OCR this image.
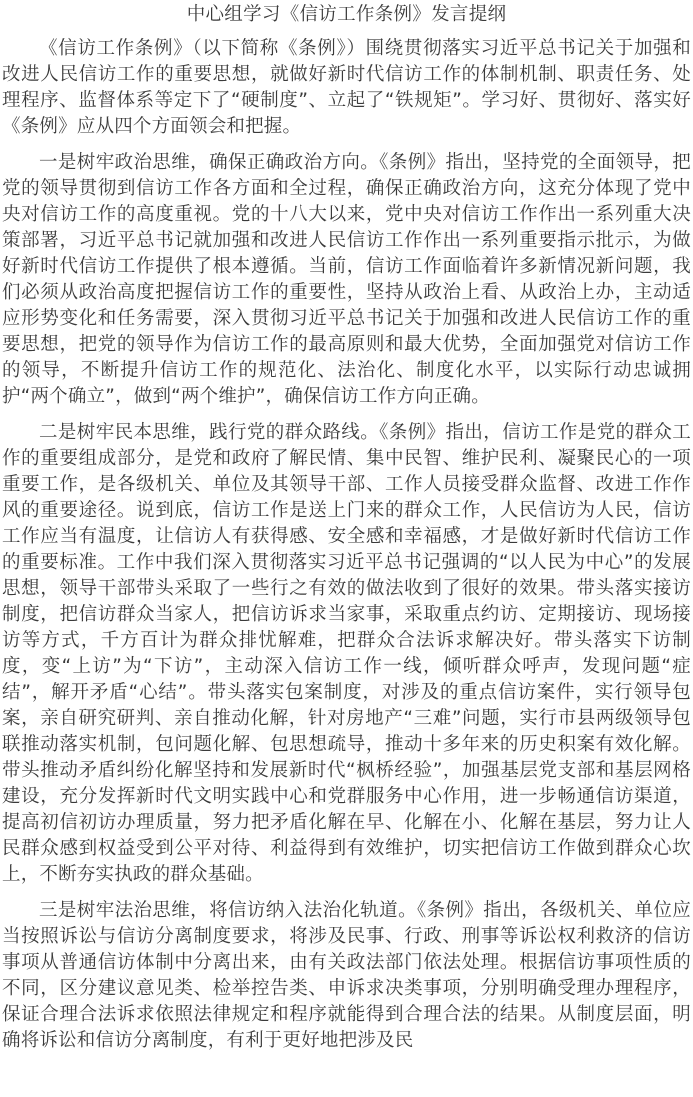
中心组学习《信访工作条例》发言提纲

《信访工作条例》（以下简称《条例》）围绕贯彻落实习近平总书记关于加强和改进人民信访工作的重要思想，就做好新时代信访工作的体制机制、职责任务、处理程序、监督体系等定下了“硬制度”、立起了“铁规矩”。学习好、贯彻好、落实好《条例》应从四个方面领会和把握。

一是树牢政治思维，确保正确政治方向。《条例》指出，坚持党的全面领导，把党的领导贯彻到信访工作各方面和全过程，确保正确政治方向，这充分体现了党中央对信访工作的高度重视。党的十八大以来，党中央对信访工作作出一系列重大决策部署，习近平总书记就加强和改进人民信访工作作出一系列重要指示批示，为做好新时代信访工作提供了根本遵循。当前，信访工作面临着许多新情况新问题，我们必须从政治高度把握信访工作的重要性，坚持从政治上看、从政治上办，主动适应形势变化和任务需要，深入贯彻习近平总书记关于加强和改进人民信访工作的重要思想，把党的领导作为信访工作的最高原则和最大优势，全面加强党对信访工作的领导，不断提升信访工作的规范化、法治化、制度化水平，以实际行动忠诚拥护“两个确立”，做到“两个维护”，确保信访工作方向正确。

二是树牢民本思维，践行党的群众路线。《条例》指出，信访工作是党的群众工作的重要组成部分，是党和政府了解民情、集中民智、维护民利、凝聚民心的一项重要工作，是各级机关、单位及其领导干部、工作人员接受群众监督、改进工作作风的重要途径。说到底，信访工作是送上门来的群众工作，人民信访为人民，信访工作应当有温度，让信访人有获得感、安全感和幸福感，才是做好新时代信访工作的重要标准。工作中我们深入贯彻落实习近平总书记强调的“以人民为中心”的发展思想，领导干部带头采取了一些行之有效的做法收到了很好的效果。带头落实接访制度，把信访群众当家人，把信访诉求当家事，采取重点约访、定期接访、现场接访等方式，千方百计为群众排忧解难，把群众合法诉求解决好。带头落实下访制度，变“上访”为“下访”，主动深入信访工作一线，倾听群众呼声，发现问题“症结”，解开矛盾“心结”。带头落实包案制度，对涉及的重点信访案件，实行领导包案，亲自研究研判、亲自推动化解，针对房地产“三难”问题，实行市县两级领导包联推动落实机制，包问题化解、包思想疏导，推动十多年来的历史积案有效化解。带头推动矛盾纠纷化解坚持和发展新时代“枫桥经验”，加强基层党支部和基层网格建设，充分发挥新时代文明实践中心和党群服务中心作用，进一步畅通信访渠道，提高初信初访办理质量，努力把矛盾化解在早、化解在小、化解在基层，努力让人民群众感到权益受到公平对待、利益得到有效维护，切实把信访工作做到群众心坎上，不断夯实执政的群众基础。

三是树牢法治思维，将信访纳入法治化轨道。《条例》指出，各级机关、单位应当按照诉讼与信访分离制度要求，将涉及民事、行政、刑事等诉讼权利救济的信访事项从普通信访体制中分离出来，由有关政法部门依法处理。根据信访事项性质的不同，区分建议意见类、检举控告类、申诉求决类事项，分别明确受理办理程序，保证合理合法诉求依照法律规定和程序就能得到合理合法的结果。从制度层面，明确将诉讼和信访分离制度，有利于更好地把涉及民
